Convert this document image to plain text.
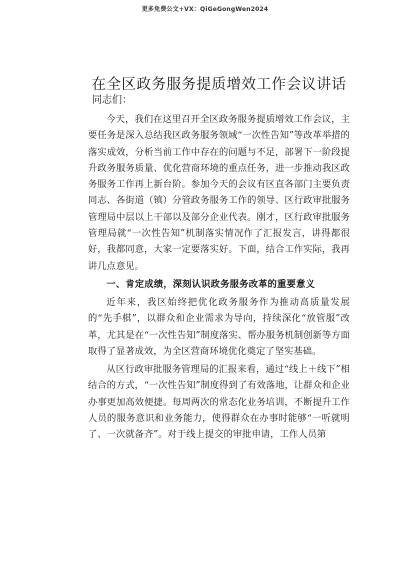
更多免费公文+VX：QiGeGongWen2024
在全区政务服务提质增效工作会议讲话
同志们：

今天，我们在这里召开全区政务服务提质增效工作会议，主要任务是深入总结我区政务服务领域“一次性告知”等改革举措的落实成效，分析当前工作中存在的问题与不足，部署下一阶段提升政务服务质量、优化营商环境的重点任务，进一步推动我区政务服务工作再上新台阶。参加今天的会议有区直各部门主要负责同志、各街道（镇）分管政务服务工作的领导、区行政审批服务管理局中层以上干部以及部分企业代表。刚才，区行政审批服务管理局就“一次性告知”机制落实情况作了汇报发言，讲得都很好，我都同意，大家一定要落实好。下面，结合工作实际，我再讲几点意见。

一、肯定成绩，深刻认识政务服务改革的重要意义

近年来，我区始终把优化政务服务作为推动高质量发展的“先手棋”，以群众和企业需求为导向，持续深化“放管服”改革，尤其是在“一次性告知”制度落实、帮办服务机制创新等方面取得了显著成效，为全区营商环境优化奠定了坚实基础。

从区行政审批服务管理局的汇报来看，通过“线上＋线下”相结合的方式，“一次性告知”制度得到了有效落地，让群众和企业办事更加高效便捷。每周两次的常态化业务培训，不断提升工作人员的服务意识和业务能力，使得群众在办事时能够“一听就明了、一次就备齐”。对于线上提交的审批申请，工作人员第
